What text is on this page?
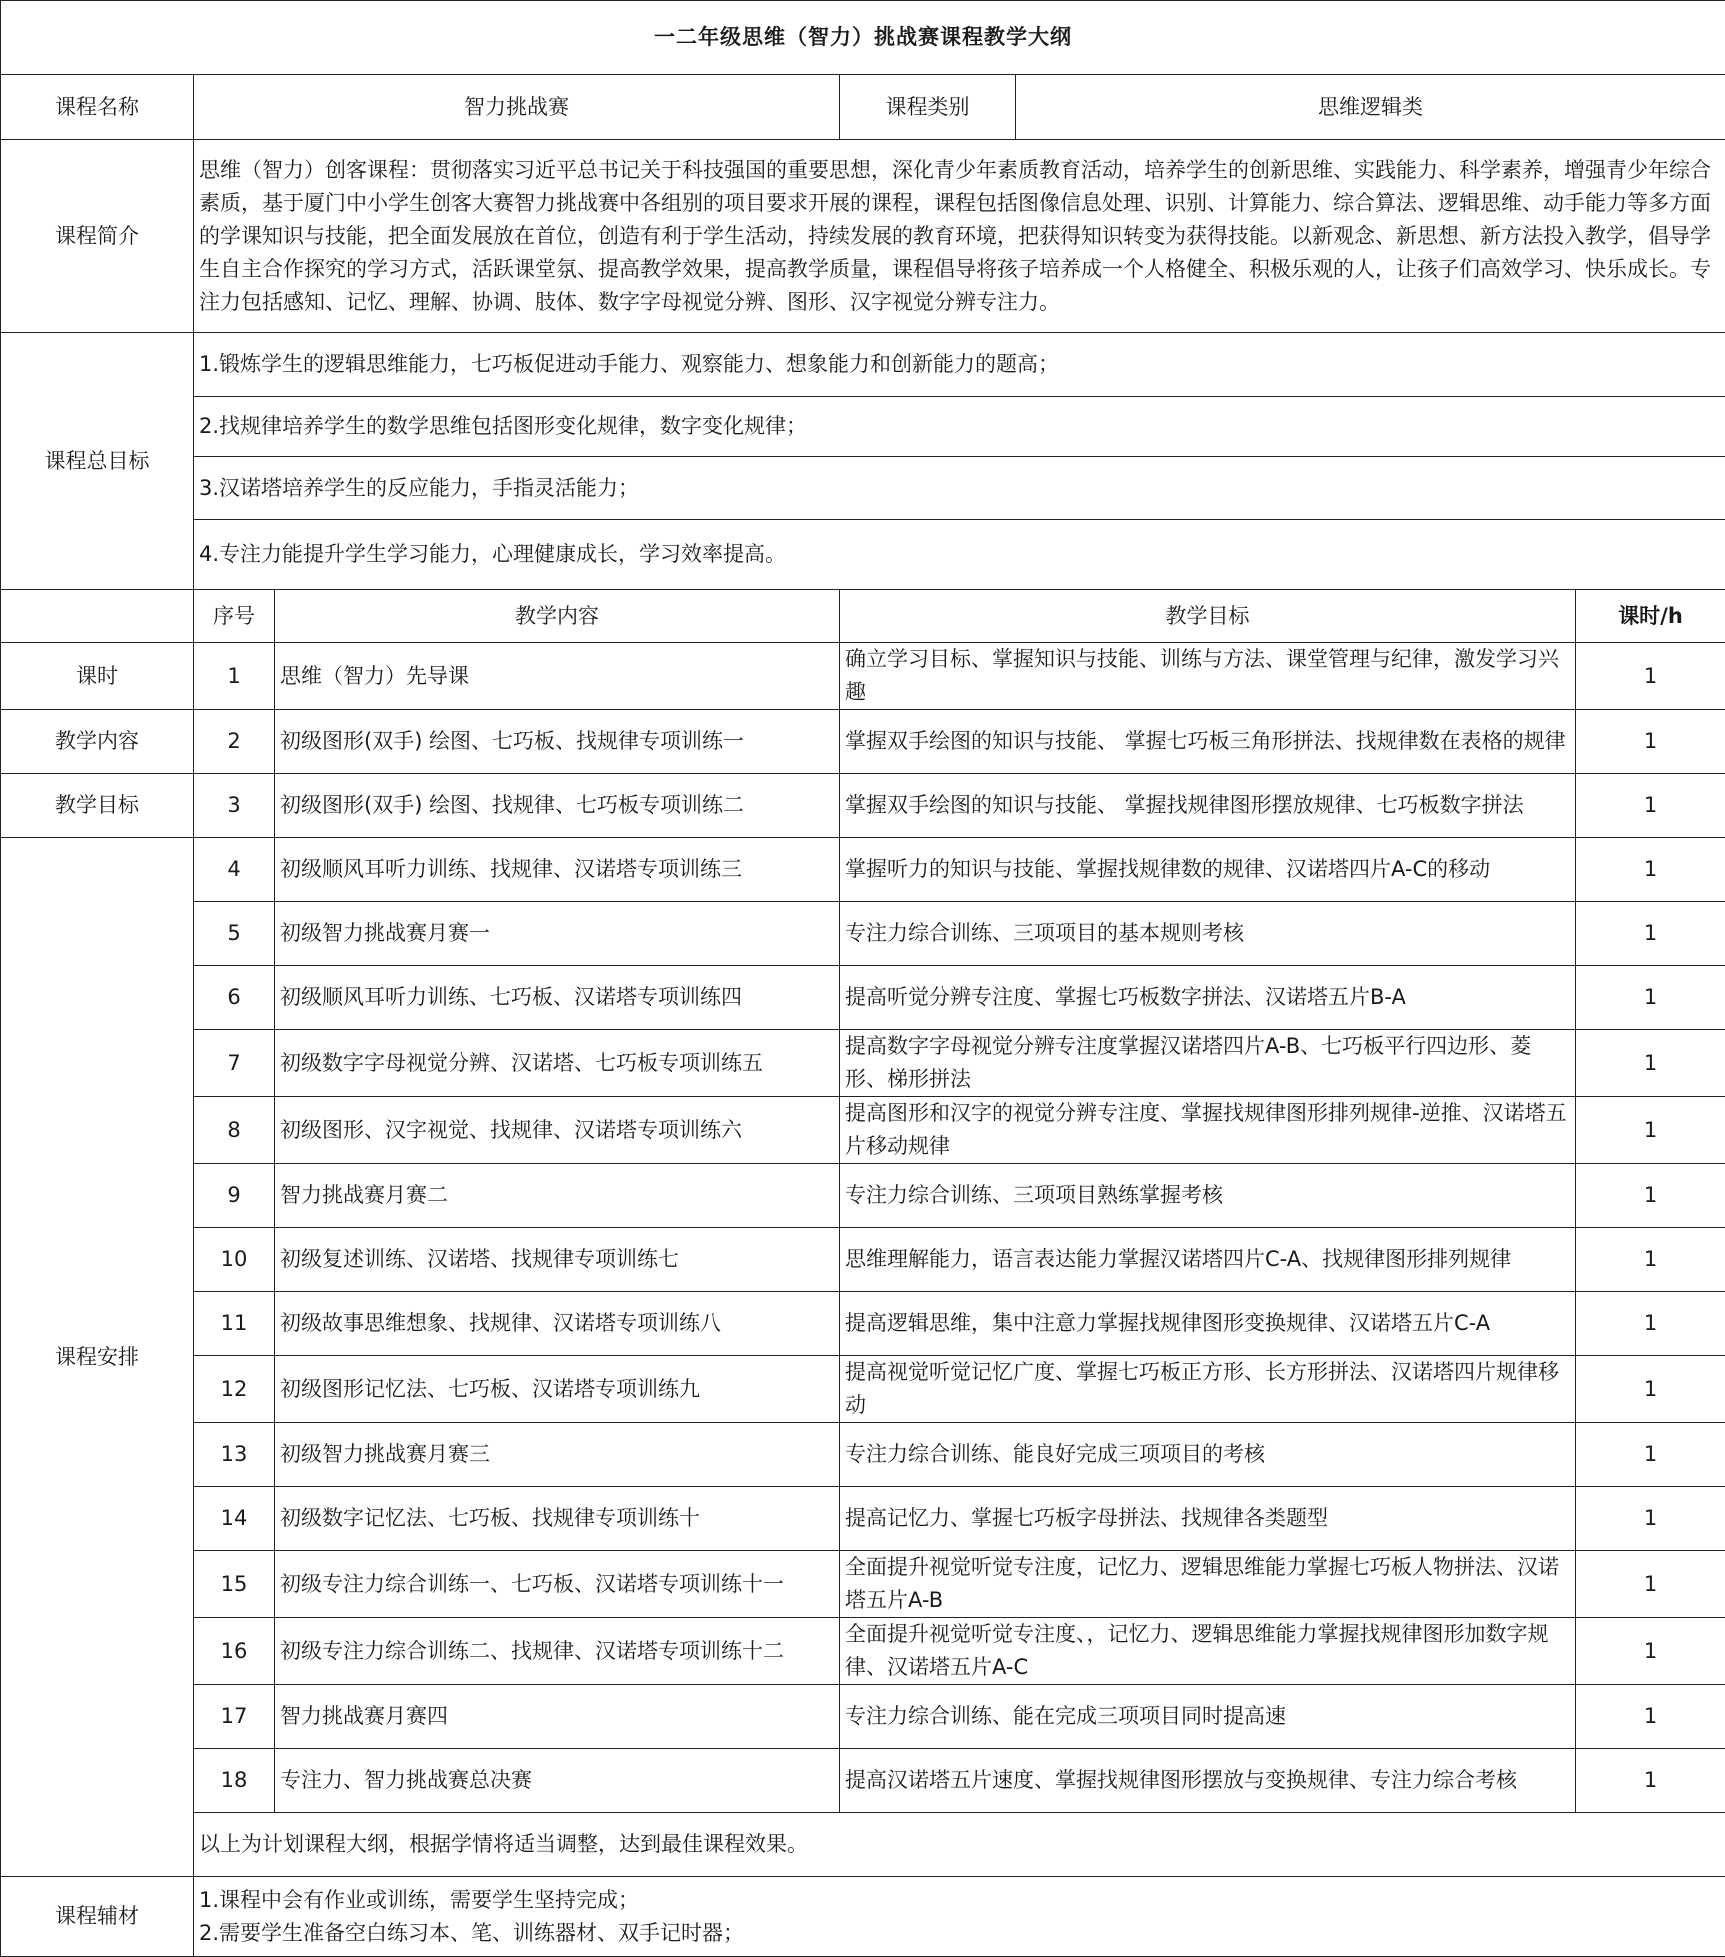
一二年级思维（智力）挑战赛课程教学大纲					
课程名称	智力挑战赛		课程类别	思维逻辑类	
课程简介	思维（智力）创客课程：贯彻落实习近平总书记关于科技强国的重要思想，深化青少年素质教育活动，培养学生的创新思维、实践能力、科学素养，增强青少年综合素质，基于厦门中小学生创客大赛智力挑战赛中各组别的项目要求开展的课程，课程包括图像信息处理、识别、计算能力、综合算法、逻辑思维、动手能力等多方面的学课知识与技能，把全面发展放在首位，创造有利于学生活动，持续发展的教育环境，把获得知识转变为获得技能。以新观念、新思想、新方法投入教学，倡导学生自主合作探究的学习方式，活跃课堂氛、提高教学效果，提高教学质量，课程倡导将孩子培养成一个人格健全、积极乐观的人，让孩子们高效学习、快乐成长。专注力包括感知、记忆、理解、协调、肢体、数字字母视觉分辨、图形、汉字视觉分辨专注力。				
课程总目标	1.锻炼学生的逻辑思维能力，七巧板促进动手能力、观察能力、想象能力和创新能力的题高；				
	2.找规律培养学生的数学思维包括图形变化规律，数字变化规律；				
	3.汉诺塔培养学生的反应能力，手指灵活能力；				
	4.专注力能提升学生学习能力，心理健康成长，学习效率提高。				
	序号	教学内容	教学目标		课时/h
课时	1	思维（智力）先导课	确立学习目标、掌握知识与技能、训练与方法、课堂管理与纪律，激发学习兴趣		1
教学内容	2	初级图形(双手) 绘图、七巧板、找规律专项训练一	掌握双手绘图的知识与技能、 掌握七巧板三角形拼法、找规律数在表格的规律		1
教学目标	3	初级图形(双手) 绘图、找规律、七巧板专项训练二	掌握双手绘图的知识与技能、 掌握找规律图形摆放规律、七巧板数字拼法		1
课程安排	4	初级顺风耳听力训练、找规律、汉诺塔专项训练三	掌握听力的知识与技能、掌握找规律数的规律、汉诺塔四片A-C的移动		1
	5	初级智力挑战赛月赛一	专注力综合训练、三项项目的基本规则考核		1
	6	初级顺风耳听力训练、七巧板、汉诺塔专项训练四	提高听觉分辨专注度、掌握七巧板数字拼法、汉诺塔五片B-A		1
	7	初级数字字母视觉分辨、汉诺塔、七巧板专项训练五	提高数字字母视觉分辨专注度掌握汉诺塔四片A-B、七巧板平行四边形、菱形、梯形拼法		1
	8	初级图形、汉字视觉、找规律、汉诺塔专项训练六	提高图形和汉字的视觉分辨专注度、掌握找规律图形排列规律-逆推、汉诺塔五片移动规律		1
	9	智力挑战赛月赛二	专注力综合训练、三项项目熟练掌握考核		1
	10	初级复述训练、汉诺塔、找规律专项训练七	思维理解能力，语言表达能力掌握汉诺塔四片C-A、找规律图形排列规律		1
	11	初级故事思维想象、找规律、汉诺塔专项训练八	提高逻辑思维，集中注意力掌握找规律图形变换规律、汉诺塔五片C-A		1
	12	初级图形记忆法、七巧板、汉诺塔专项训练九	提高视觉听觉记忆广度、掌握七巧板正方形、长方形拼法、汉诺塔四片规律移动		1
	13	初级智力挑战赛月赛三	专注力综合训练、能良好完成三项项目的考核		1
	14	初级数字记忆法、七巧板、找规律专项训练十	提高记忆力、掌握七巧板字母拼法、找规律各类题型		1
	15	初级专注力综合训练一、七巧板、汉诺塔专项训练十一	全面提升视觉听觉专注度，记忆力、逻辑思维能力掌握七巧板人物拼法、汉诺塔五片A-B		1
	16	初级专注力综合训练二、找规律、汉诺塔专项训练十二	全面提升视觉听觉专注度、，记忆力、逻辑思维能力掌握找规律图形加数字规律、汉诺塔五片A-C		1
	17	智力挑战赛月赛四	专注力综合训练、能在完成三项项目同时提高速		1
	18	专注力、智力挑战赛总决赛	提高汉诺塔五片速度、掌握找规律图形摆放与变换规律、专注力综合考核		1
	以上为计划课程大纲，根据学情将适当调整，达到最佳课程效果。				
课程辅材	1.课程中会有作业或训练，需要学生坚持完成；
2.需要学生准备空白练习本、笔、训练器材、双手记时器；				
